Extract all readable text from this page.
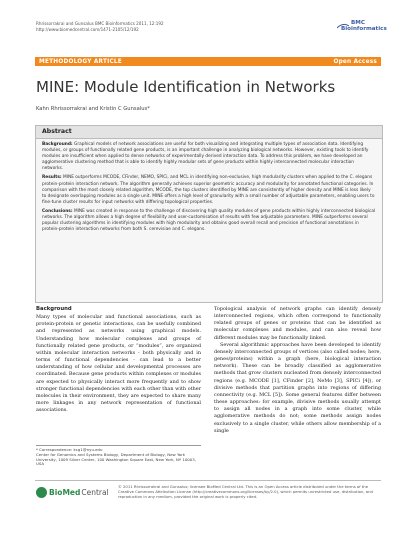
Rhrissorrakrai and Gunsalus BMC Bioinformatics 2011, 12:192
http://www.biomedcentral.com/1471-2105/12/192
BMC
Bioinformatics
METHODOLOGY ARTICLE	Open Access
MINE: Module Identification in Networks
Kahn Rhrissorrakrai and Kristin C Gunsalus*
Abstract

Background: Graphical models of network associations are useful for both visualizing and integrating multiple types of association data. Identifying modules, or groups of functionally related gene products, is an important challenge in analyzing biological networks. However, existing tools to identify modules are insufficient when applied to dense networks of experimentally derived interaction data. To address this problem, we have developed an agglomerative clustering method that is able to identify highly modular sets of gene products within highly interconnected molecular interaction networks.

Results: MINE outperforms MCODE, CFinder, NEMO, SPICi, and MCL in identifying non-exclusive, high modularity clusters when applied to the C. elegans protein-protein interaction network. The algorithm generally achieves superior geometric accuracy and modularity for annotated functional categories. In comparison with the most closely related algorithm, MCODE, the top clusters identified by MINE are consistently of higher density and MINE is less likely to designate overlapping modules as a single unit. MINE offers a high level of granularity with a small number of adjustable parameters, enabling users to fine-tune cluster results for input networks with differing topological properties.

Conclusions: MINE was created in response to the challenge of discovering high quality modules of gene products within highly interconnected biological networks. The algorithm allows a high degree of flexibility and user-customisation of results with few adjustable parameters. MINE outperforms several popular clustering algorithms in identifying modules with high modularity and obtains good overall recall and precision of functional annotations in protein-protein interaction networks from both S. cerevisiae and C. elegans.

Background

Many types of molecular and functional associations, such as protein-protein or genetic interactions, can be usefully combined and represented as networks using graphical models. Understanding how molecular complexes and groups of functionally related gene products, or “modules”, are organized within molecular interaction networks - both physically and in terms of functional dependencies - can lead to a better understanding of how cellular and developmental processes are coordinated. Because gene products within complexes or modules are expected to physically interact more frequently and to show stronger functional dependencies with each other than with other molecules in their environment, they are expected to share many more linkages in any network representation of functional associations.

Topological analysis of network graphs can identify densely interconnected regions, which often correspond to functionally related groups of genes or proteins that can be identified as molecular complexes and modules, and can also reveal how different modules may be functionally linked.

Several algorithmic approaches have been developed to identify densely interconnected groups of vertices (also called nodes; here, genes/proteins) within a graph (here, biological interaction network). These can be broadly classified as agglomerative methods that grow clusters nucleated from densely interconnected regions (e.g. MCODE [1], CFinder [2], NeMo [3], SPICi [4]), or divisive methods that partition graphs into regions of differing connectivity (e.g. MCL [5]). Some general features differ between these approaches: for example, divisive methods usually attempt to assign all nodes in a graph into some cluster, while agglomerative methods do not; some methods assign nodes exclusively to a single cluster, while others allow membership of a single

* Correspondence: kcg1@nyu.edu
Center for Genomics and Systems Biology, Department of Biology, New York University, 1009 Silver Center, 100 Washington Square East, New York, NY 10003, USA
BioMed Central
© 2011 Rhrissorrakrai and Gunsalus; licensee BioMed Central Ltd. This is an Open Access article distributed under the terms of the Creative Commons Attribution License (http://creativecommons.org/licenses/by/2.0), which permits unrestricted use, distribution, and reproduction in any medium, provided the original work is properly cited.
